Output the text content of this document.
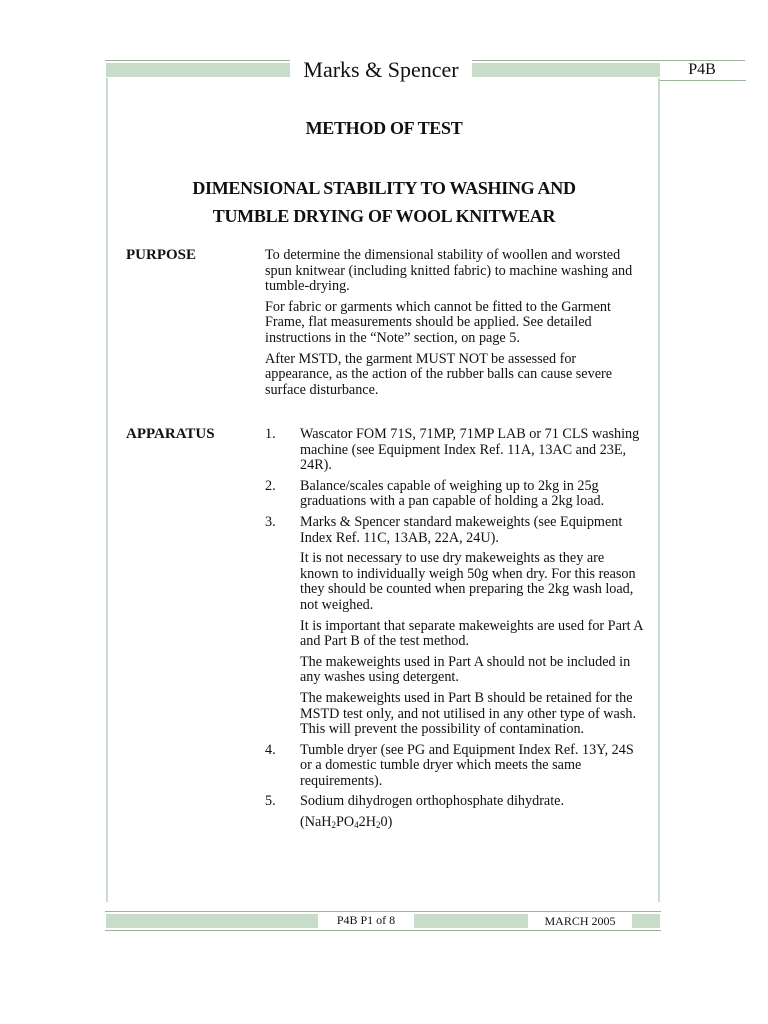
Marks & Spencer	P4B
METHOD OF TEST
DIMENSIONAL STABILITY TO WASHING AND
TUMBLE DRYING OF WOOL KNITWEAR
PURPOSE	To determine the dimensional stability of woollen and worsted spun knitwear (including knitted fabric) to machine washing and tumble-drying.

For fabric or garments which cannot be fitted to the Garment Frame, flat measurements should be applied. See detailed instructions in the “Note” section, on page 5.

After MSTD, the garment MUST NOT be assessed for appearance, as the action of the rubber balls can cause severe surface disturbance.

APPARATUS	1. Wascator FOM 71S, 71MP, 71MP LAB or 71 CLS washing machine (see Equipment Index Ref. 11A, 13AC and 23E, 24R).

2. Balance/scales capable of weighing up to 2kg in 25g graduations with a pan capable of holding a 2kg load.

3. Marks & Spencer standard makeweights (see Equipment Index Ref. 11C, 13AB, 22A, 24U).

It is not necessary to use dry makeweights as they are known to individually weigh 50g when dry. For this reason they should be counted when preparing the 2kg wash load, not weighed.

It is important that separate makeweights are used for Part A and Part B of the test method.

The makeweights used in Part A should not be included in any washes using detergent.

The makeweights used in Part B should be retained for the MSTD test only, and not utilised in any other type of wash. This will prevent the possibility of contamination.

4. Tumble dryer (see PG and Equipment Index Ref. 13Y, 24S or a domestic tumble dryer which meets the same requirements).

5. Sodium dihydrogen orthophosphate dihydrate.

$(NaH_2PO_42H_20)$

P4B P1 of 8	MARCH 2005
